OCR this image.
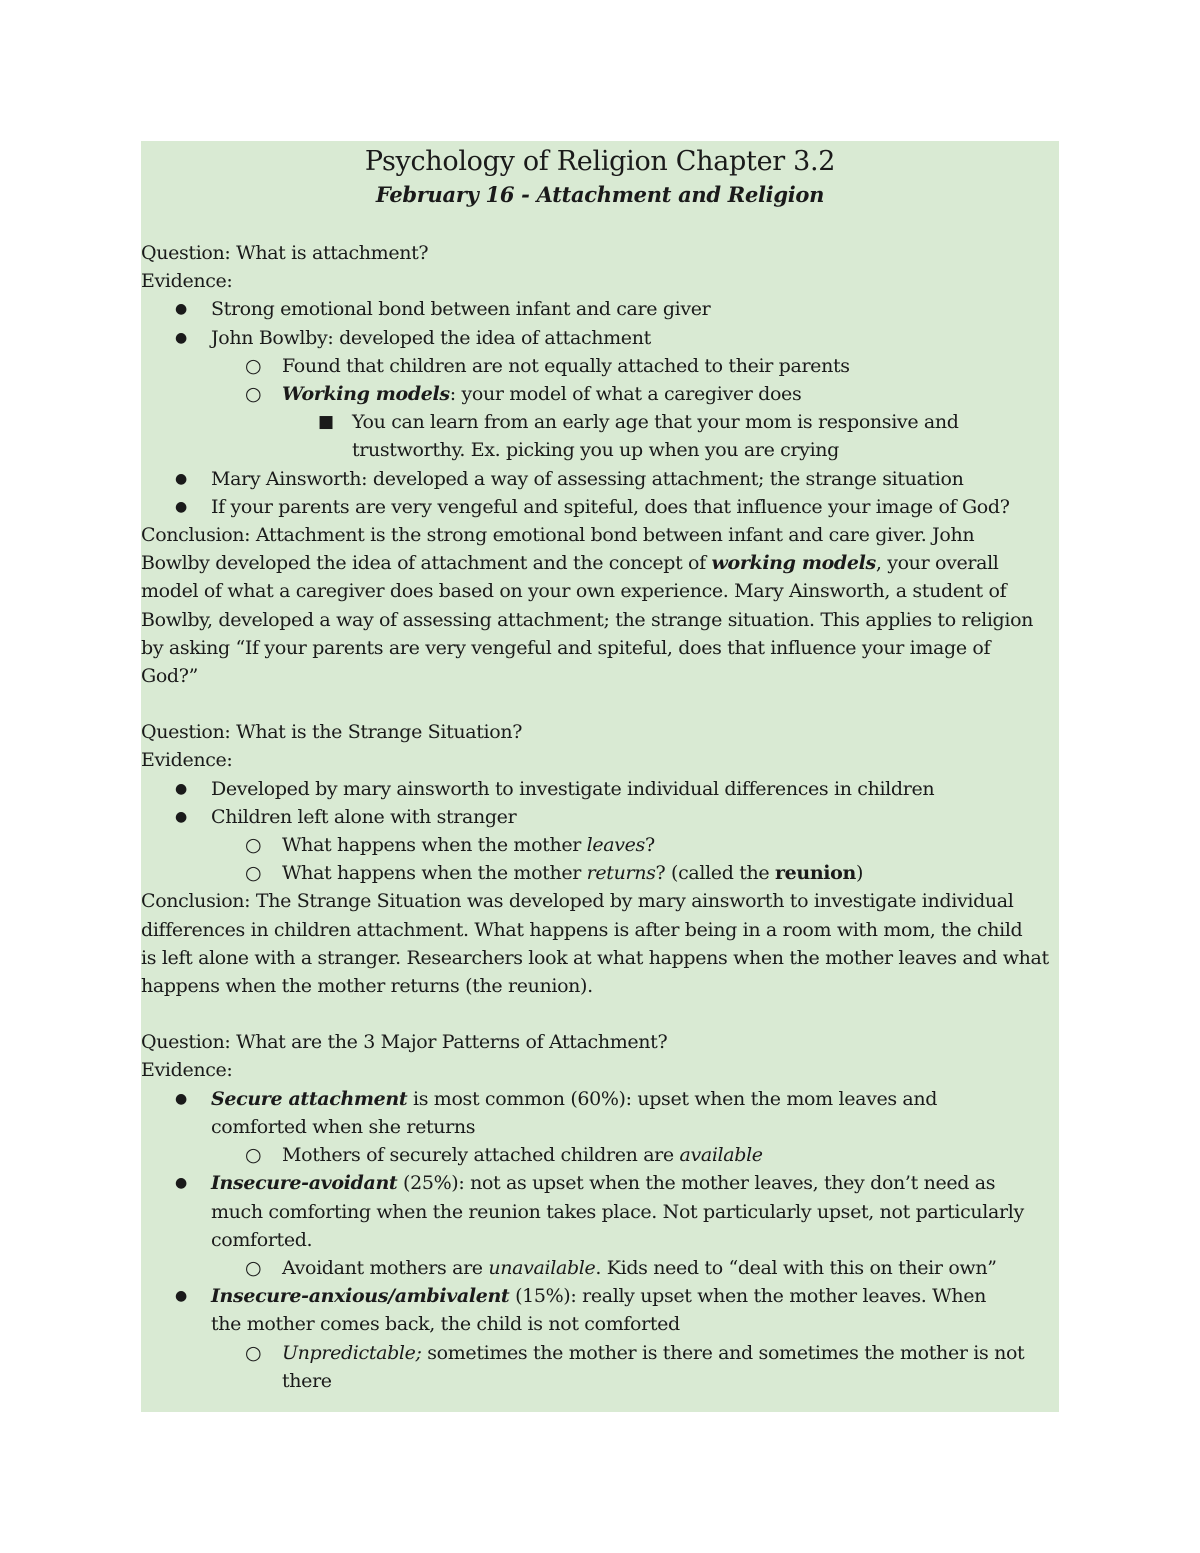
Psychology of Religion Chapter 3.2
February 16 - Attachment and Religion
Question: What is attachment?
Evidence:
● Strong emotional bond between infant and care giver
● John Bowlby: developed the idea of attachment
○ Found that children are not equally attached to their parents
○ Working models: your model of what a caregiver does
■ You can learn from an early age that your mom is responsive and
trustworthy. Ex. picking you up when you are crying
● Mary Ainsworth: developed a way of assessing attachment; the strange situation
● If your parents are very vengeful and spiteful, does that influence your image of God?
Conclusion: Attachment is the strong emotional bond between infant and care giver. John
Bowlby developed the idea of attachment and the concept of working models, your overall
model of what a caregiver does based on your own experience. Mary Ainsworth, a student of
Bowlby, developed a way of assessing attachment; the strange situation. This applies to religion
by asking “If your parents are very vengeful and spiteful, does that influence your image of
God?”
Question: What is the Strange Situation?
Evidence:
● Developed by mary ainsworth to investigate individual differences in children
● Children left alone with stranger
○ What happens when the mother leaves?
○ What happens when the mother returns? (called the reunion)
Conclusion: The Strange Situation was developed by mary ainsworth to investigate individual
differences in children attachment. What happens is after being in a room with mom, the child
is left alone with a stranger. Researchers look at what happens when the mother leaves and what
happens when the mother returns (the reunion).
Question: What are the 3 Major Patterns of Attachment?
Evidence:
● Secure attachment is most common (60%): upset when the mom leaves and
comforted when she returns
○ Mothers of securely attached children are available
● Insecure-avoidant (25%): not as upset when the mother leaves, they don’t need as
much comforting when the reunion takes place. Not particularly upset, not particularly
comforted.
○ Avoidant mothers are unavailable. Kids need to “deal with this on their own”
● Insecure-anxious/ambivalent (15%): really upset when the mother leaves. When
the mother comes back, the child is not comforted
○ Unpredictable; sometimes the mother is there and sometimes the mother is not
there
